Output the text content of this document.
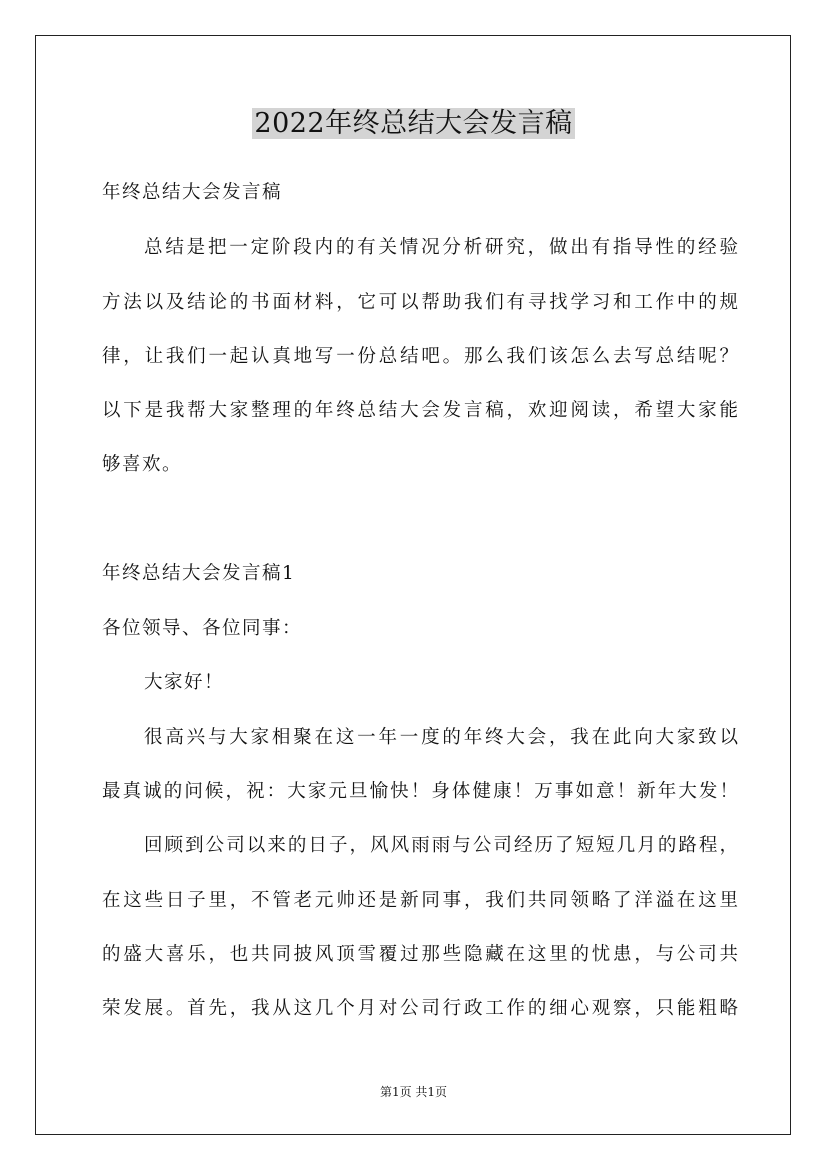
2022年终总结大会发言稿
年终总结大会发言稿
总结是把一定阶段内的有关情况分析研究，做出有指导性的经验
方法以及结论的书面材料，它可以帮助我们有寻找学习和工作中的规
律，让我们一起认真地写一份总结吧。那么我们该怎么去写总结呢？
以下是我帮大家整理的年终总结大会发言稿，欢迎阅读，希望大家能
够喜欢。
年终总结大会发言稿1
各位领导、各位同事：
大家好！
很高兴与大家相聚在这一年一度的年终大会，我在此向大家致以
最真诚的问候，祝：大家元旦愉快！身体健康！万事如意！新年大发！
回顾到公司以来的日子，风风雨雨与公司经历了短短几月的路程，
在这些日子里，不管老元帅还是新同事，我们共同领略了洋溢在这里
的盛大喜乐，也共同披风顶雪覆过那些隐藏在这里的忧患，与公司共
荣发展。首先，我从这几个月对公司行政工作的细心观察，只能粗略
第1页 共1页
